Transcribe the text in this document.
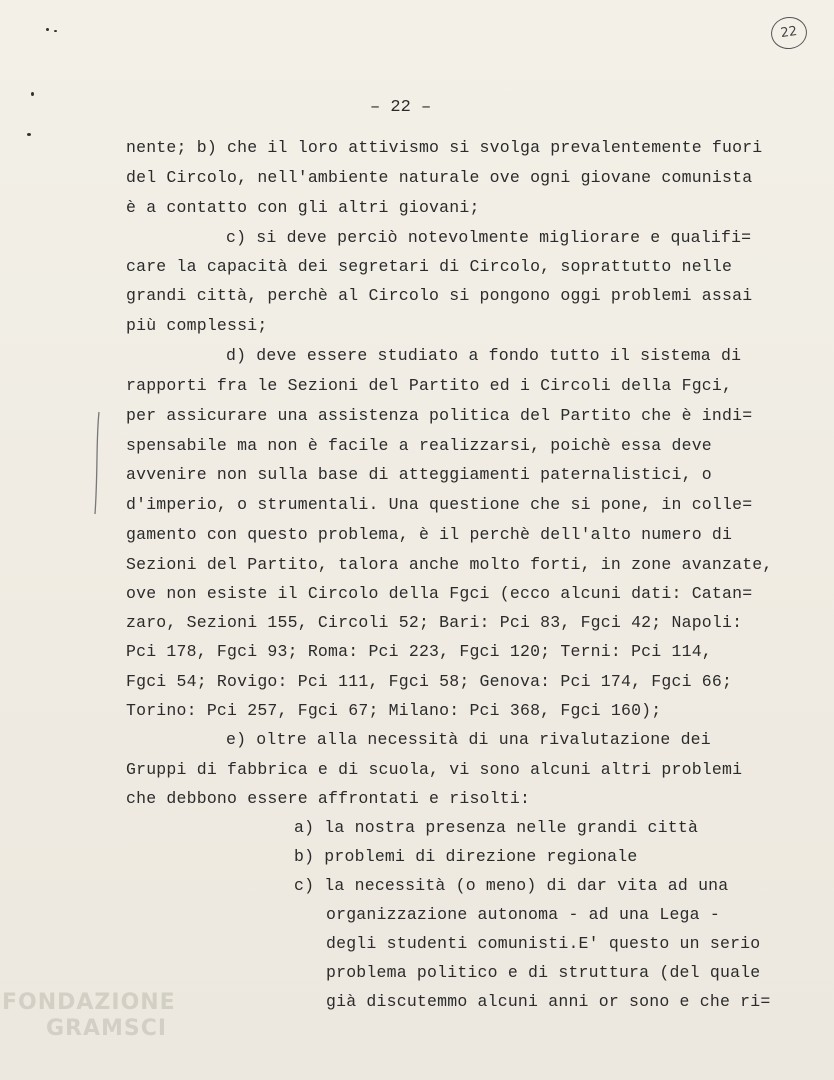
22
– 22 –
nente; b) che il loro attivismo si svolga prevalentemente fuori
del Circolo, nell'ambiente naturale ove ogni giovane comunista
è a contatto con gli altri giovani;
c) si deve perciò notevolmente migliorare e qualifi=
care la capacità dei segretari di Circolo, soprattutto nelle
grandi città, perchè al Circolo si pongono oggi problemi assai
più complessi;
d) deve essere studiato a fondo tutto il sistema di
rapporti fra le Sezioni del Partito ed i Circoli della Fgci,
per assicurare una assistenza politica del Partito che è indi=
spensabile ma non è facile a realizzarsi, poichè essa deve
avvenire non sulla base di atteggiamenti paternalistici, o
d'imperio, o strumentali. Una questione che si pone, in colle=
gamento con questo problema, è il perchè dell'alto numero di
Sezioni del Partito, talora anche molto forti, in zone avanzate,
ove non esiste il Circolo della Fgci (ecco alcuni dati: Catan=
zaro, Sezioni 155, Circoli 52; Bari: Pci 83, Fgci 42; Napoli:
Pci 178, Fgci 93; Roma: Pci 223, Fgci 120; Terni: Pci 114,
Fgci 54; Rovigo: Pci 111, Fgci 58; Genova: Pci 174, Fgci 66;
Torino: Pci 257, Fgci 67; Milano: Pci 368, Fgci 160);
e) oltre alla necessità di una rivalutazione dei
Gruppi di fabbrica e di scuola, vi sono alcuni altri problemi
che debbono essere affrontati e risolti:
a) la nostra presenza nelle grandi città
b) problemi di direzione regionale
c) la necessità (o meno) di dar vita ad una
organizzazione autonoma - ad una Lega -
degli studenti comunisti.E' questo un serio
problema politico e di struttura (del quale
già discutemmo alcuni anni or sono e che ri=
FONDAZIONE
GRAMSCI
